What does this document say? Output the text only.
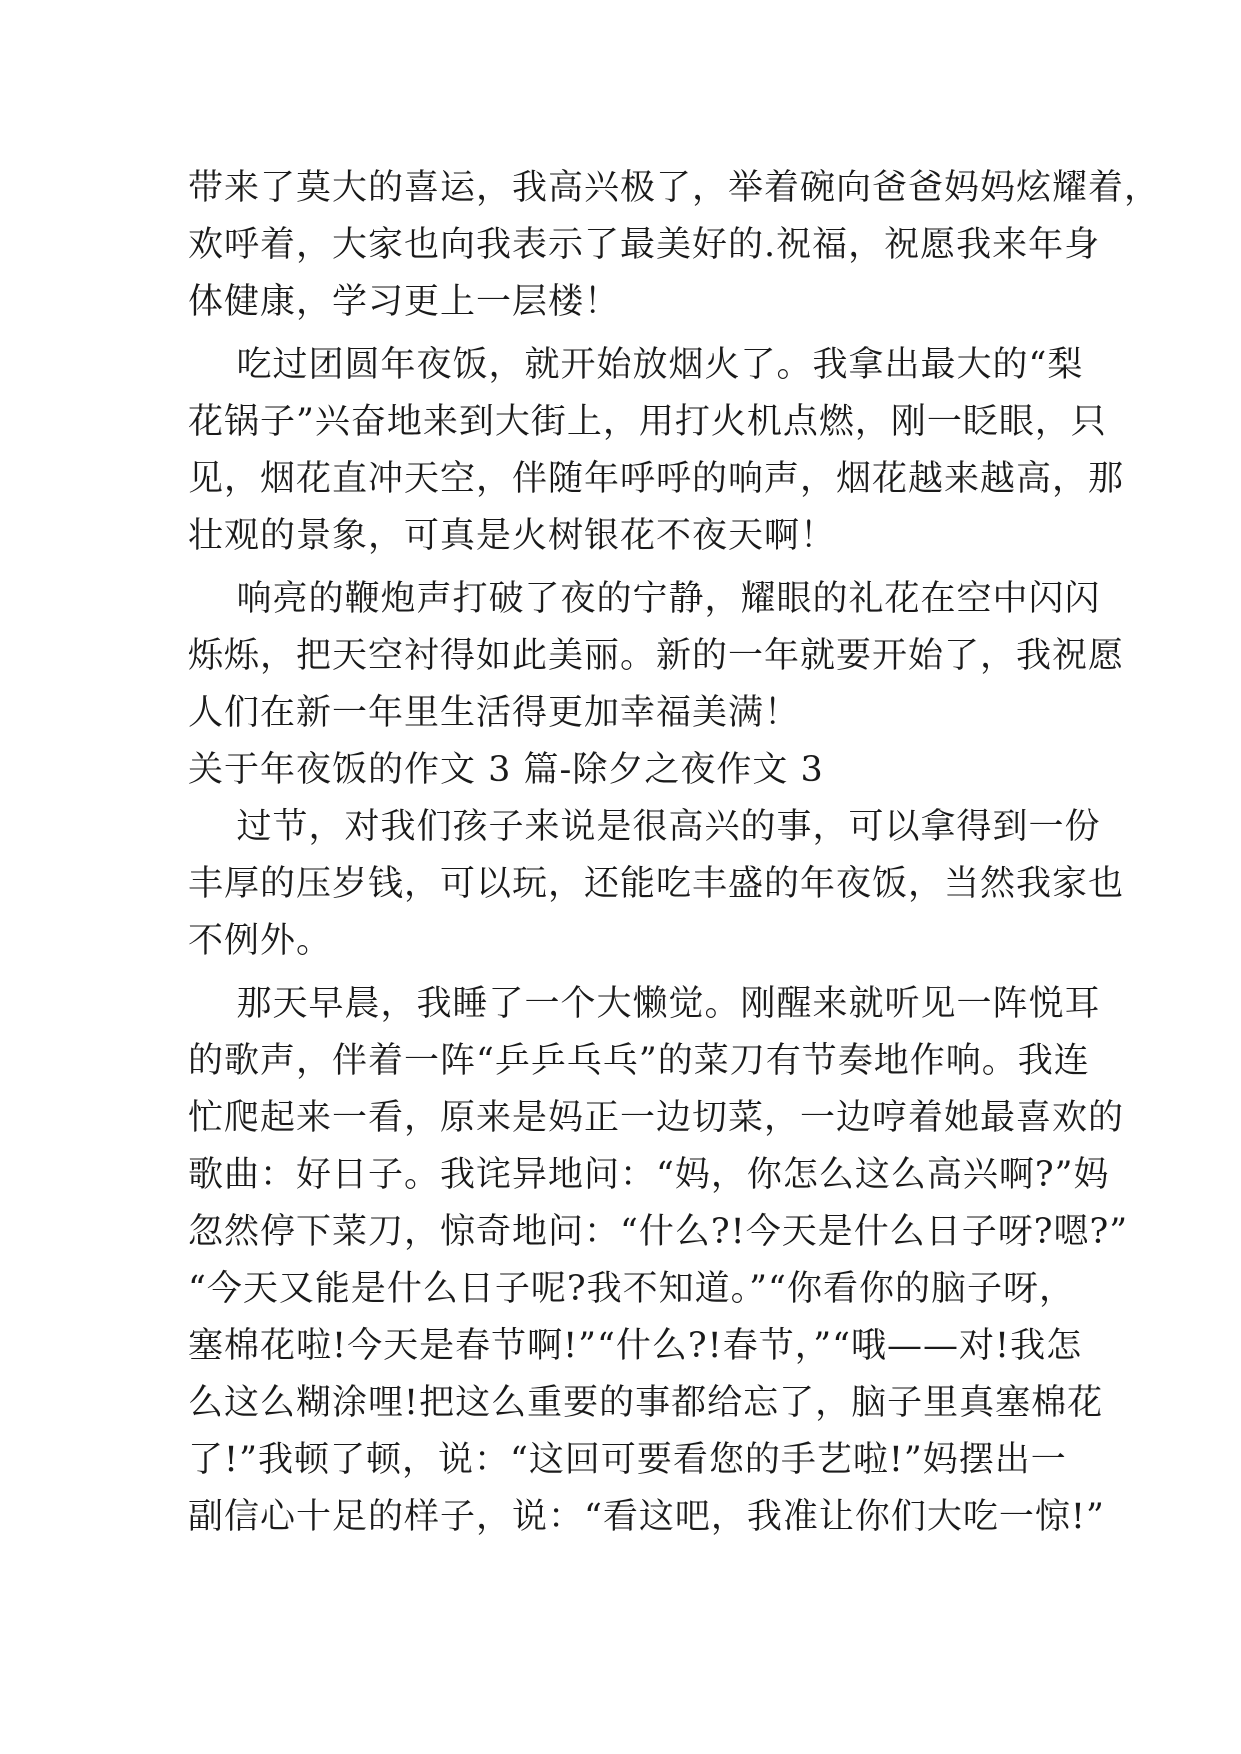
带来了莫大的喜运，我高兴极了，举着碗向爸爸妈妈炫耀着，
欢呼着，大家也向我表示了最美好的.祝福，祝愿我来年身
体健康，学习更上一层楼！
吃过团圆年夜饭，就开始放烟火了。我拿出最大的“梨
花锅子”兴奋地来到大街上，用打火机点燃，刚一眨眼，只
见，烟花直冲天空，伴随年呼呼的响声，烟花越来越高，那
壮观的景象，可真是火树银花不夜天啊！
响亮的鞭炮声打破了夜的宁静，耀眼的礼花在空中闪闪
烁烁，把天空衬得如此美丽。新的一年就要开始了，我祝愿
人们在新一年里生活得更加幸福美满！
关于年夜饭的作文 3 篇-除夕之夜作文 3
过节，对我们孩子来说是很高兴的事，可以拿得到一份
丰厚的压岁钱，可以玩，还能吃丰盛的年夜饭，当然我家也
不例外。
那天早晨，我睡了一个大懒觉。刚醒来就听见一阵悦耳
的歌声，伴着一阵“乒乒乓乓”的菜刀有节奏地作响。我连
忙爬起来一看，原来是妈正一边切菜，一边哼着她最喜欢的
歌曲：好日子。我诧异地问：“妈，你怎么这么高兴啊?”妈
忽然停下菜刀，惊奇地问：“什么?!今天是什么日子呀?嗯?”
“今天又能是什么日子呢?我不知道。”“你看你的脑子呀，
塞棉花啦!今天是春节啊!”“什么?!春节，”“哦——对!我怎
么这么糊涂哩!把这么重要的事都给忘了，脑子里真塞棉花
了!”我顿了顿，说：“这回可要看您的手艺啦!”妈摆出一
副信心十足的样子，说：“看这吧，我准让你们大吃一惊!”
